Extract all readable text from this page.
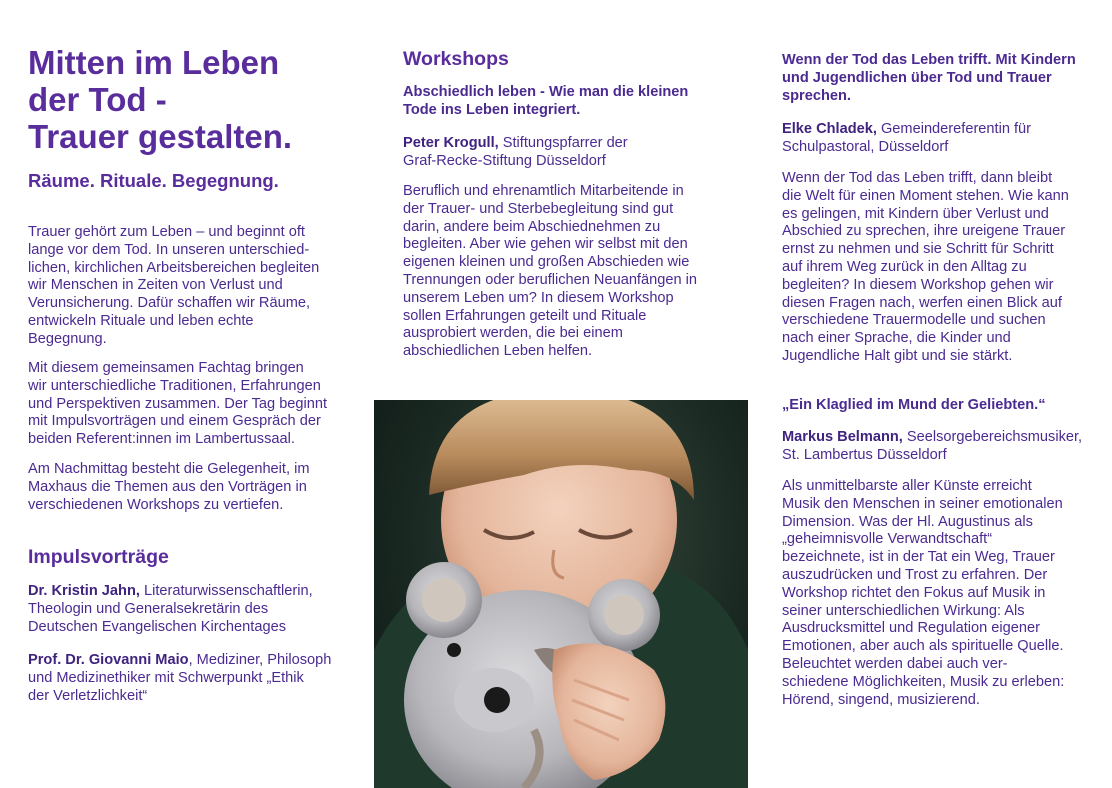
Mitten im Leben
der Tod -
Trauer gestalten.
Räume. Rituale. Begegnung.

Trauer gehört zum Leben – und beginnt oft
lange vor dem Tod. In unseren unterschied-
lichen, kirchlichen Arbeitsbereichen begleiten
wir Menschen in Zeiten von Verlust und
Verunsicherung. Dafür schaffen wir Räume,
entwickeln Rituale und leben echte
Begegnung.

Mit diesem gemeinsamen Fachtag bringen
wir unterschiedliche Traditionen, Erfahrungen
und Perspektiven zusammen. Der Tag beginnt
mit Impulsvorträgen und einem Gespräch der
beiden Referent:innen im Lambertussaal.

Am Nachmittag besteht die Gelegenheit, im
Maxhaus die Themen aus den Vorträgen in
verschiedenen Workshops zu vertiefen.

Impulsvorträge

Dr. Kristin Jahn, Literaturwissenschaftlerin,
Theologin und Generalsekretärin des
Deutschen Evangelischen Kirchentages

Prof. Dr. Giovanni Maio, Mediziner, Philosoph
und Medizinethiker mit Schwerpunkt „Ethik
der Verletzlichkeit“

Workshops

Abschiedlich leben - Wie man die kleinen
Tode ins Leben integriert.

Peter Krogull, Stiftungspfarrer der
Graf-Recke-Stiftung Düsseldorf

Beruflich und ehrenamtlich Mitarbeitende in
der Trauer- und Sterbebegleitung sind gut
darin, andere beim Abschiednehmen zu
begleiten. Aber wie gehen wir selbst mit den
eigenen kleinen und großen Abschieden wie
Trennungen oder beruflichen Neuanfängen in
unserem Leben um? In diesem Workshop
sollen Erfahrungen geteilt und Rituale
ausprobiert werden, die bei einem
abschiedlichen Leben helfen.

Wenn der Tod das Leben trifft. Mit Kindern
und Jugendlichen über Tod und Trauer
sprechen.

Elke Chladek, Gemeindereferentin für
Schulpastoral, Düsseldorf

Wenn der Tod das Leben trifft, dann bleibt
die Welt für einen Moment stehen. Wie kann
es gelingen, mit Kindern über Verlust und
Abschied zu sprechen, ihre ureigene Trauer
ernst zu nehmen und sie Schritt für Schritt
auf ihrem Weg zurück in den Alltag zu
begleiten? In diesem Workshop gehen wir
diesen Fragen nach, werfen einen Blick auf
verschiedene Trauermodelle und suchen
nach einer Sprache, die Kinder und
Jugendliche Halt gibt und sie stärkt.

„Ein Klaglied im Mund der Geliebten.“

Markus Belmann, Seelsorgebereichsmusiker,
St. Lambertus Düsseldorf

Als unmittelbarste aller Künste erreicht
Musik den Menschen in seiner emotionalen
Dimension. Was der Hl. Augustinus als
„geheimnisvolle Verwandtschaft“
bezeichnete, ist in der Tat ein Weg, Trauer
auszudrücken und Trost zu erfahren. Der
Workshop richtet den Fokus auf Musik in
seiner unterschiedlichen Wirkung: Als
Ausdrucksmittel und Regulation eigener
Emotionen, aber auch als spirituelle Quelle.
Beleuchtet werden dabei auch ver-
schiedene Möglichkeiten, Musik zu erleben:
Hörend, singend, musizierend.
